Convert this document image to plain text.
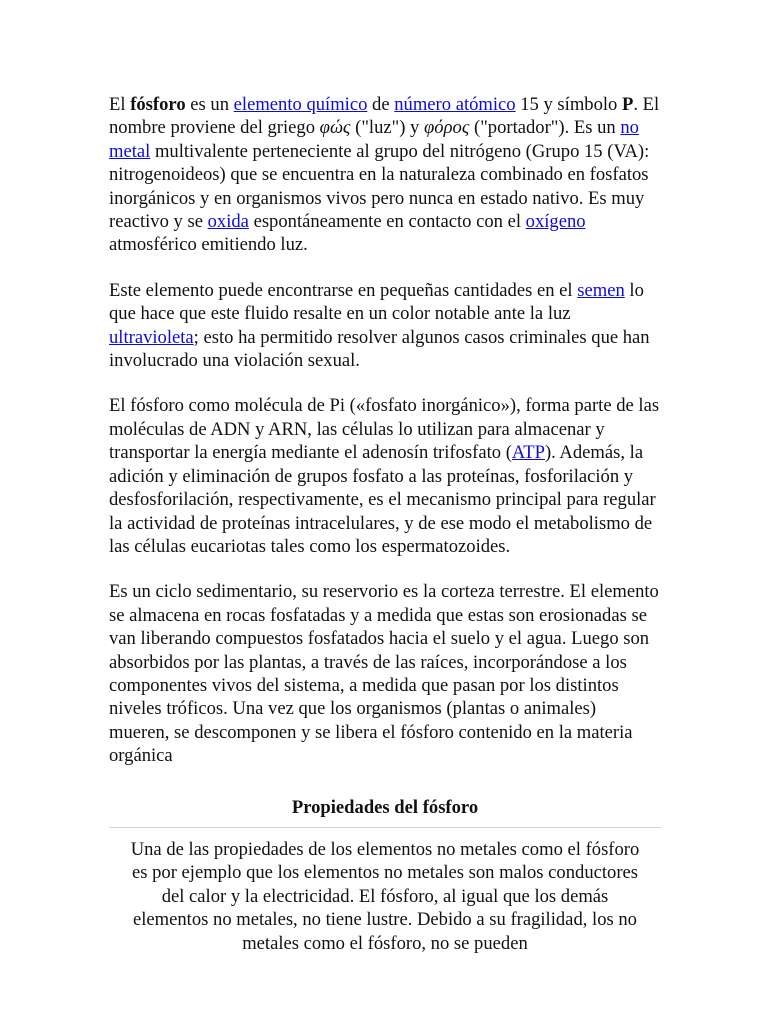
El fósforo es un elemento químico de número atómico 15 y símbolo P. El nombre proviene del griego φώς ("luz") y φόρος ("portador"). Es un no metal multivalente perteneciente al grupo del nitrógeno (Grupo 15 (VA): nitrogenoideos) que se encuentra en la naturaleza combinado en fosfatos inorgánicos y en organismos vivos pero nunca en estado nativo. Es muy reactivo y se oxida espontáneamente en contacto con el oxígeno atmosférico emitiendo luz.

Este elemento puede encontrarse en pequeñas cantidades en el semen lo que hace que este fluido resalte en un color notable ante la luz ultravioleta; esto ha permitido resolver algunos casos criminales que han involucrado una violación sexual.

El fósforo como molécula de Pi («fosfato inorgánico»), forma parte de las moléculas de ADN y ARN, las células lo utilizan para almacenar y transportar la energía mediante el adenosín trifosfato (ATP). Además, la adición y eliminación de grupos fosfato a las proteínas, fosforilación y desfosforilación, respectivamente, es el mecanismo principal para regular la actividad de proteínas intracelulares, y de ese modo el metabolismo de las células eucariotas tales como los espermatozoides.

Es un ciclo sedimentario, su reservorio es la corteza terrestre. El elemento se almacena en rocas fosfatadas y a medida que estas son erosionadas se van liberando compuestos fosfatados hacia el suelo y el agua. Luego son absorbidos por las plantas, a través de las raíces, incorporándose a los componentes vivos del sistema, a medida que pasan por los distintos niveles tróficos. Una vez que los organismos (plantas o animales) mueren, se descomponen y se libera el fósforo contenido en la materia orgánica

Propiedades del fósforo

Una de las propiedades de los elementos no metales como el fósforo es por ejemplo que los elementos no metales son malos conductores del calor y la electricidad. El fósforo, al igual que los demás elementos no metales, no tiene lustre. Debido a su fragilidad, los no metales como el fósforo, no se pueden
